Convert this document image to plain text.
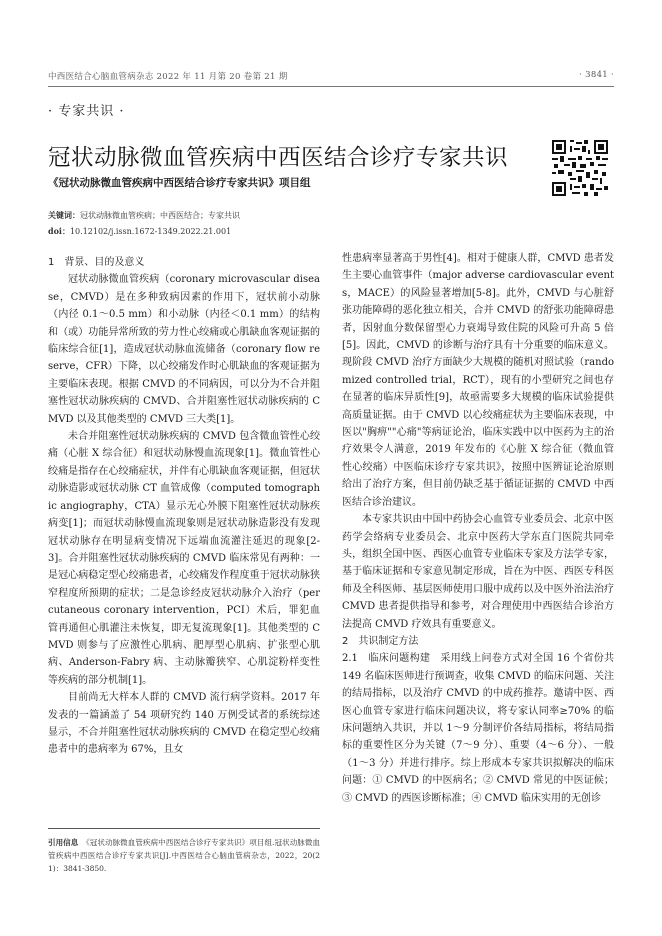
中西医结合心脑血管病杂志 2022 年 11 月第 20 卷第 21 期	· 3841 ·
· 专家共识 ·
冠状动脉微血管疾病中西医结合诊疗专家共识
《冠状动脉微血管疾病中西医结合诊疗专家共识》项目组
关键词：冠状动脉微血管疾病；中西医结合；专家共识
doi：10.12102/j.issn.1672-1349.2022.21.001
1　背景、目的及意义

冠状动脉微血管疾病（coronary microvascular disease，CMVD）是在多种致病因素的作用下，冠状前小动脉（内径 0.1～0.5 mm）和小动脉（内径＜0.1 mm）的结构和（或）功能异常所致的劳力性心绞痛或心肌缺血客观证据的临床综合征[1]，造成冠状动脉血流储备（coronary flow reserve，CFR）下降，以心绞痛发作时心肌缺血的客观证据为主要临床表现。根据 CMVD 的不同病因，可以分为不合并阻塞性冠状动脉疾病的 CMVD、合并阻塞性冠状动脉疾病的 CMVD 以及其他类型的 CMVD 三大类[1]。

未合并阻塞性冠状动脉疾病的 CMVD 包含微血管性心绞痛（心脏 X 综合征）和冠状动脉慢血流现象[1]。微血管性心绞痛是指存在心绞痛症状，并伴有心肌缺血客观证据，但冠状动脉造影或冠状动脉 CT 血管成像（computed tomographic angiography，CTA）显示无心外膜下阻塞性冠状动脉疾病变[1]；而冠状动脉慢血流现象则是冠状动脉造影没有发现冠状动脉存在明显病变情况下远端血流灌注延迟的现象[2-3]。合并阻塞性冠状动脉疾病的 CMVD 临床常见有两种：一是冠心病稳定型心绞痛患者，心绞痛发作程度重于冠状动脉狭窄程度所预期的症状；二是急诊经皮冠状动脉介入治疗（percutaneous coronary intervention，PCI）术后，罪犯血管再通但心肌灌注未恢复，即无复流现象[1]。其他类型的 CMVD 则参与了应激性心肌病、肥厚型心肌病、扩张型心肌病、Anderson-Fabry 病、主动脉瓣狭窄、心肌淀粉样变性等疾病的部分机制[1]。

目前尚无大样本人群的 CMVD 流行病学资料。2017 年发表的一篇涵盖了 54 项研究约 140 万例受试者的系统综述显示，不合并阻塞性冠状动脉疾病的 CMVD 在稳定型心绞痛患者中的患病率为 67%，且女

性患病率显著高于男性[4]。相对于健康人群，CMVD 患者发生主要心血管事件（major adverse cardiovascular events，MACE）的风险显著增加[5-8]。此外，CMVD 与心脏舒张功能障碍的恶化独立相关，合并 CMVD 的舒张功能障碍患者，因射血分数保留型心力衰竭导致住院的风险可升高 5 倍[5]。因此，CMVD 的诊断与治疗具有十分重要的临床意义。现阶段 CMVD 治疗方面缺少大规模的随机对照试验（randomized controlled trial，RCT），现有的小型研究之间也存在显著的临床异质性[9]，故亟需要多大规模的临床试验提供高质量证据。由于 CMVD 以心绞痛症状为主要临床表现，中医以"胸痹""心痛"等病证论治，临床实践中以中医药为主的治疗效果令人满意，2019 年发布的《心脏 X 综合征（微血管性心绞痛）中医临床诊疗专家共识》，按照中医辨证论治原则给出了治疗方案，但目前仍缺乏基于循证证据的 CMVD 中西医结合诊治建议。

本专家共识由中国中药协会心血管专业委员会、北京中医药学会络病专业委员会、北京中医药大学东直门医院共同牵头，组织全国中医、西医心血管专业临床专家及方法学专家，基于临床证据和专家意见制定形成，旨在为中医、西医专科医师及全科医师、基层医师使用口服中成药以及中医外治法治疗 CMVD 患者提供指导和参考，对合理使用中西医结合诊治方法提高 CMVD 疗效具有重要意义。

2　共识制定方法

2.1　临床问题构建　采用线上问卷方式对全国 16 个省份共 149 名临床医师进行预调查，收集 CMVD 的临床问题、关注的结局指标，以及治疗 CMVD 的中成药推荐。邀请中医、西医心血管专家进行临床问题决议，将专家认同率≥70% 的临床问题纳入共识，并以 1～9 分制评价各结局指标，将结局指标的重要性区分为关键（7～9 分）、重要（4～6 分）、一般（1～3 分）并进行排序。综上形成本专家共识拟解决的临床问题：① CMVD 的中医病名；② CMVD 常见的中医证候；③ CMVD 的西医诊断标准；④ CMVD 临床实用的无创诊

引用信息　 《冠状动脉微血管疾病中西医结合诊疗专家共识》项目组.冠状动脉微血管疾病中西医结合诊疗专家共识[J].中西医结合心脑血管病杂志，2022，20(21)：3841-3850.
